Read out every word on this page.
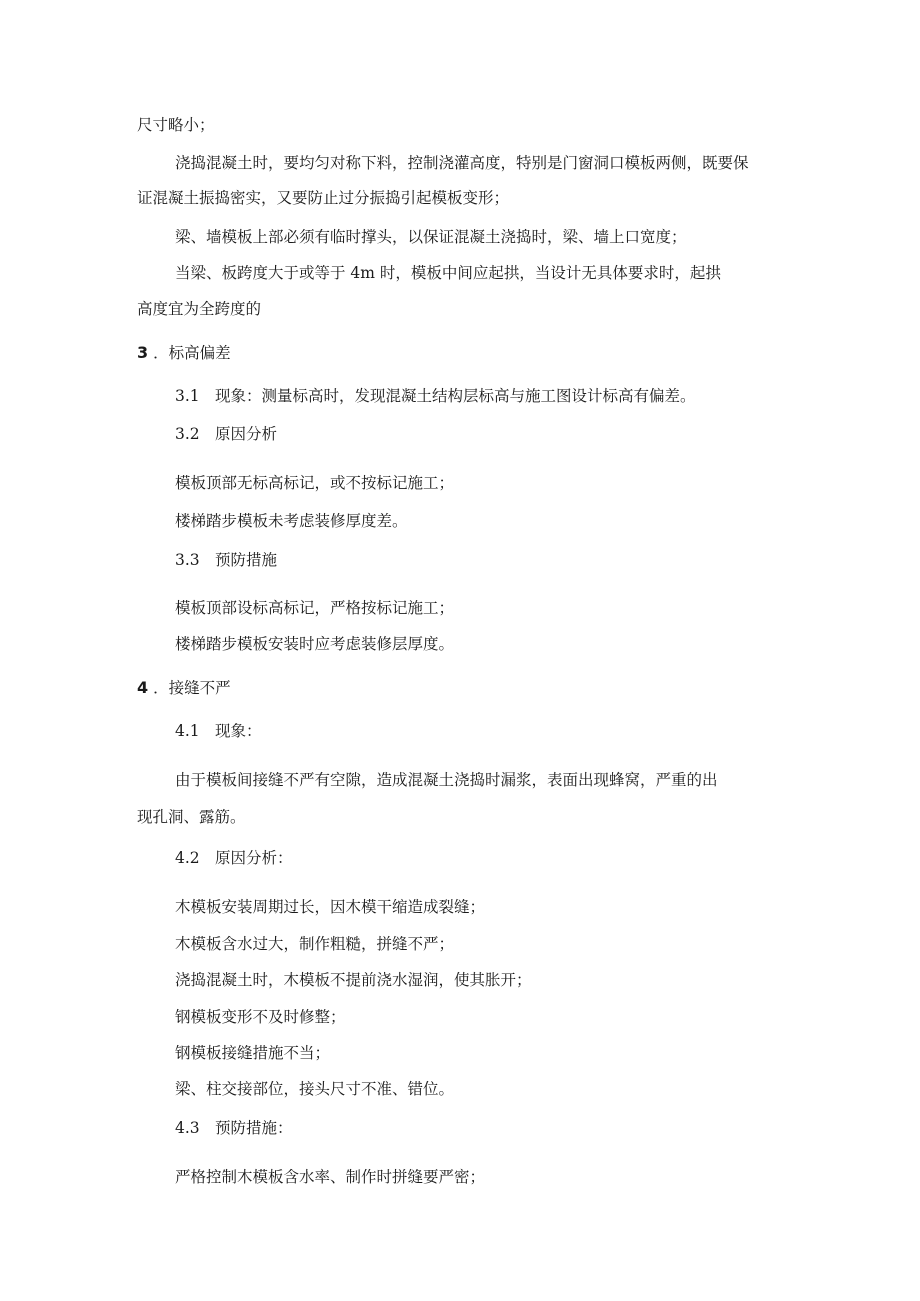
尺寸略小；
浇捣混凝土时，要均匀对称下料，控制浇灌高度，特别是门窗洞口模板两侧，既要保
证混凝土振捣密实，又要防止过分振捣引起模板变形；
梁、墙模板上部必须有临时撑头，以保证混凝土浇捣时，梁、墙上口宽度；
当梁、板跨度大于或等于 4m 时，模板中间应起拱，当设计无具体要求时，起拱
高度宜为全跨度的
3 ．标高偏差
3.1 现象：测量标高时，发现混凝土结构层标高与施工图设计标高有偏差。
3.2 原因分析
模板顶部无标高标记，或不按标记施工；
楼梯踏步模板未考虑装修厚度差。
3.3 预防措施
模板顶部设标高标记，严格按标记施工；
楼梯踏步模板安装时应考虑装修层厚度。
4 ．接缝不严
4.1 现象：
由于模板间接缝不严有空隙，造成混凝土浇捣时漏浆，表面出现蜂窝，严重的出
现孔洞、露筋。
4.2 原因分析：
木模板安装周期过长，因木模干缩造成裂缝；
木模板含水过大，制作粗糙，拼缝不严；
浇捣混凝土时，木模板不提前浇水湿润，使其胀开；
钢模板变形不及时修整；
钢模板接缝措施不当；
梁、柱交接部位，接头尺寸不准、错位。
4.3 预防措施：
严格控制木模板含水率、制作时拼缝要严密；
